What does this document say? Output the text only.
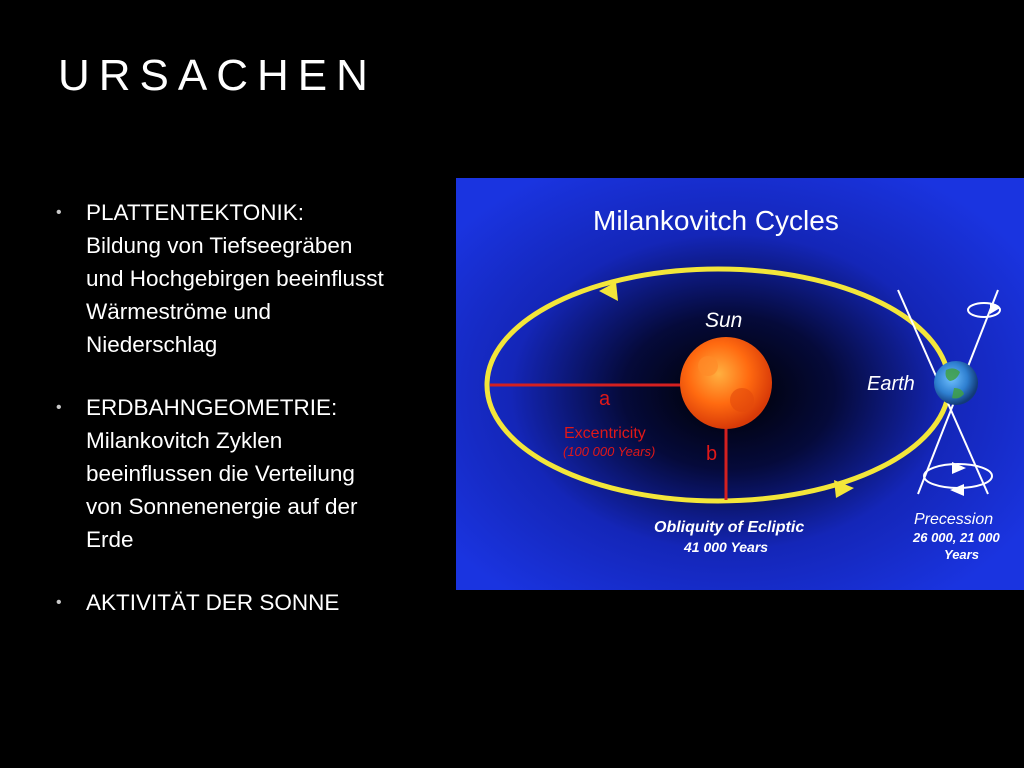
URSACHEN
• PLATTENTEKTONIK:
Bildung von Tiefseegräben
und Hochgebirgen beeinflusst
Wärmeströme und
Niederschlag
• ERDBAHNGEOMETRIE:
Milankovitch Zyklen
beeinflussen die Verteilung
von Sonnenenergie auf der
Erde
• AKTIVITÄT DER SONNE
Milankovitch Cycles
Sun
a
Excentricity
(100 000 Years)	b
Obliquity of Ecliptic
41 000 Years
Earth
Precession
26 000, 21 000
Years
